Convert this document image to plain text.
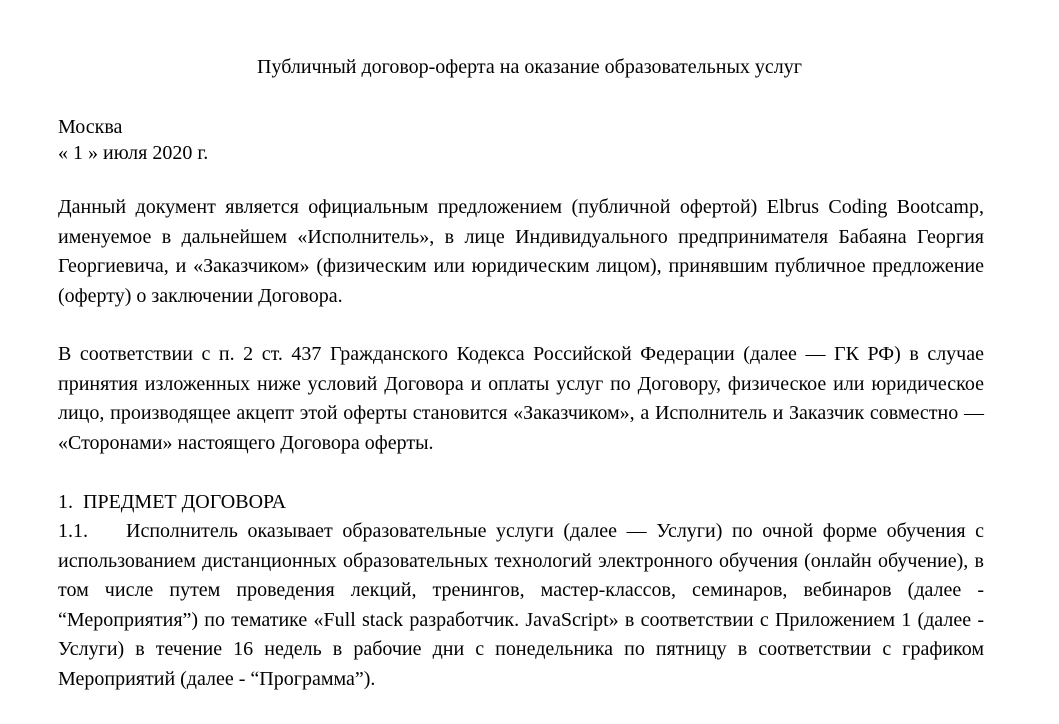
Публичный договор-оферта на оказание образовательных услуг
Москва
« 1 » июля 2020 г.

Данный документ является официальным предложением (публичной офертой) Elbrus Coding Bootcamp, именуемое в дальнейшем «Исполнитель», в лице Индивидуального предпринимателя Бабаяна Георгия Георгиевича, и «Заказчиком» (физическим или юридическим лицом), принявшим публичное предложение (оферту) о заключении Договора.

В соответствии с п. 2 ст. 437 Гражданского Кодекса Российской Федерации (далее — ГК РФ) в случае принятия изложенных ниже условий Договора и оплаты услуг по Договору, физическое или юридическое лицо, производящее акцепт этой оферты становится «Заказчиком», а Исполнитель и Заказчик совместно — «Сторонами» настоящего Договора оферты.

1.  ПРЕДМЕТ ДОГОВОРА

1.1. Исполнитель оказывает образовательные услуги (далее — Услуги) по очной форме обучения с использованием дистанционных образовательных технологий электронного обучения (онлайн обучение), в том числе путем проведения лекций, тренингов, мастер-классов, семинаров, вебинаров (далее - “Мероприятия”) по тематике «Full stack разработчик. JavaScript» в соответствии с Приложением 1 (далее - Услуги) в течение 16 недель в рабочие дни с понедельника по пятницу в соответствии с графиком Мероприятий (далее - “Программа”).
